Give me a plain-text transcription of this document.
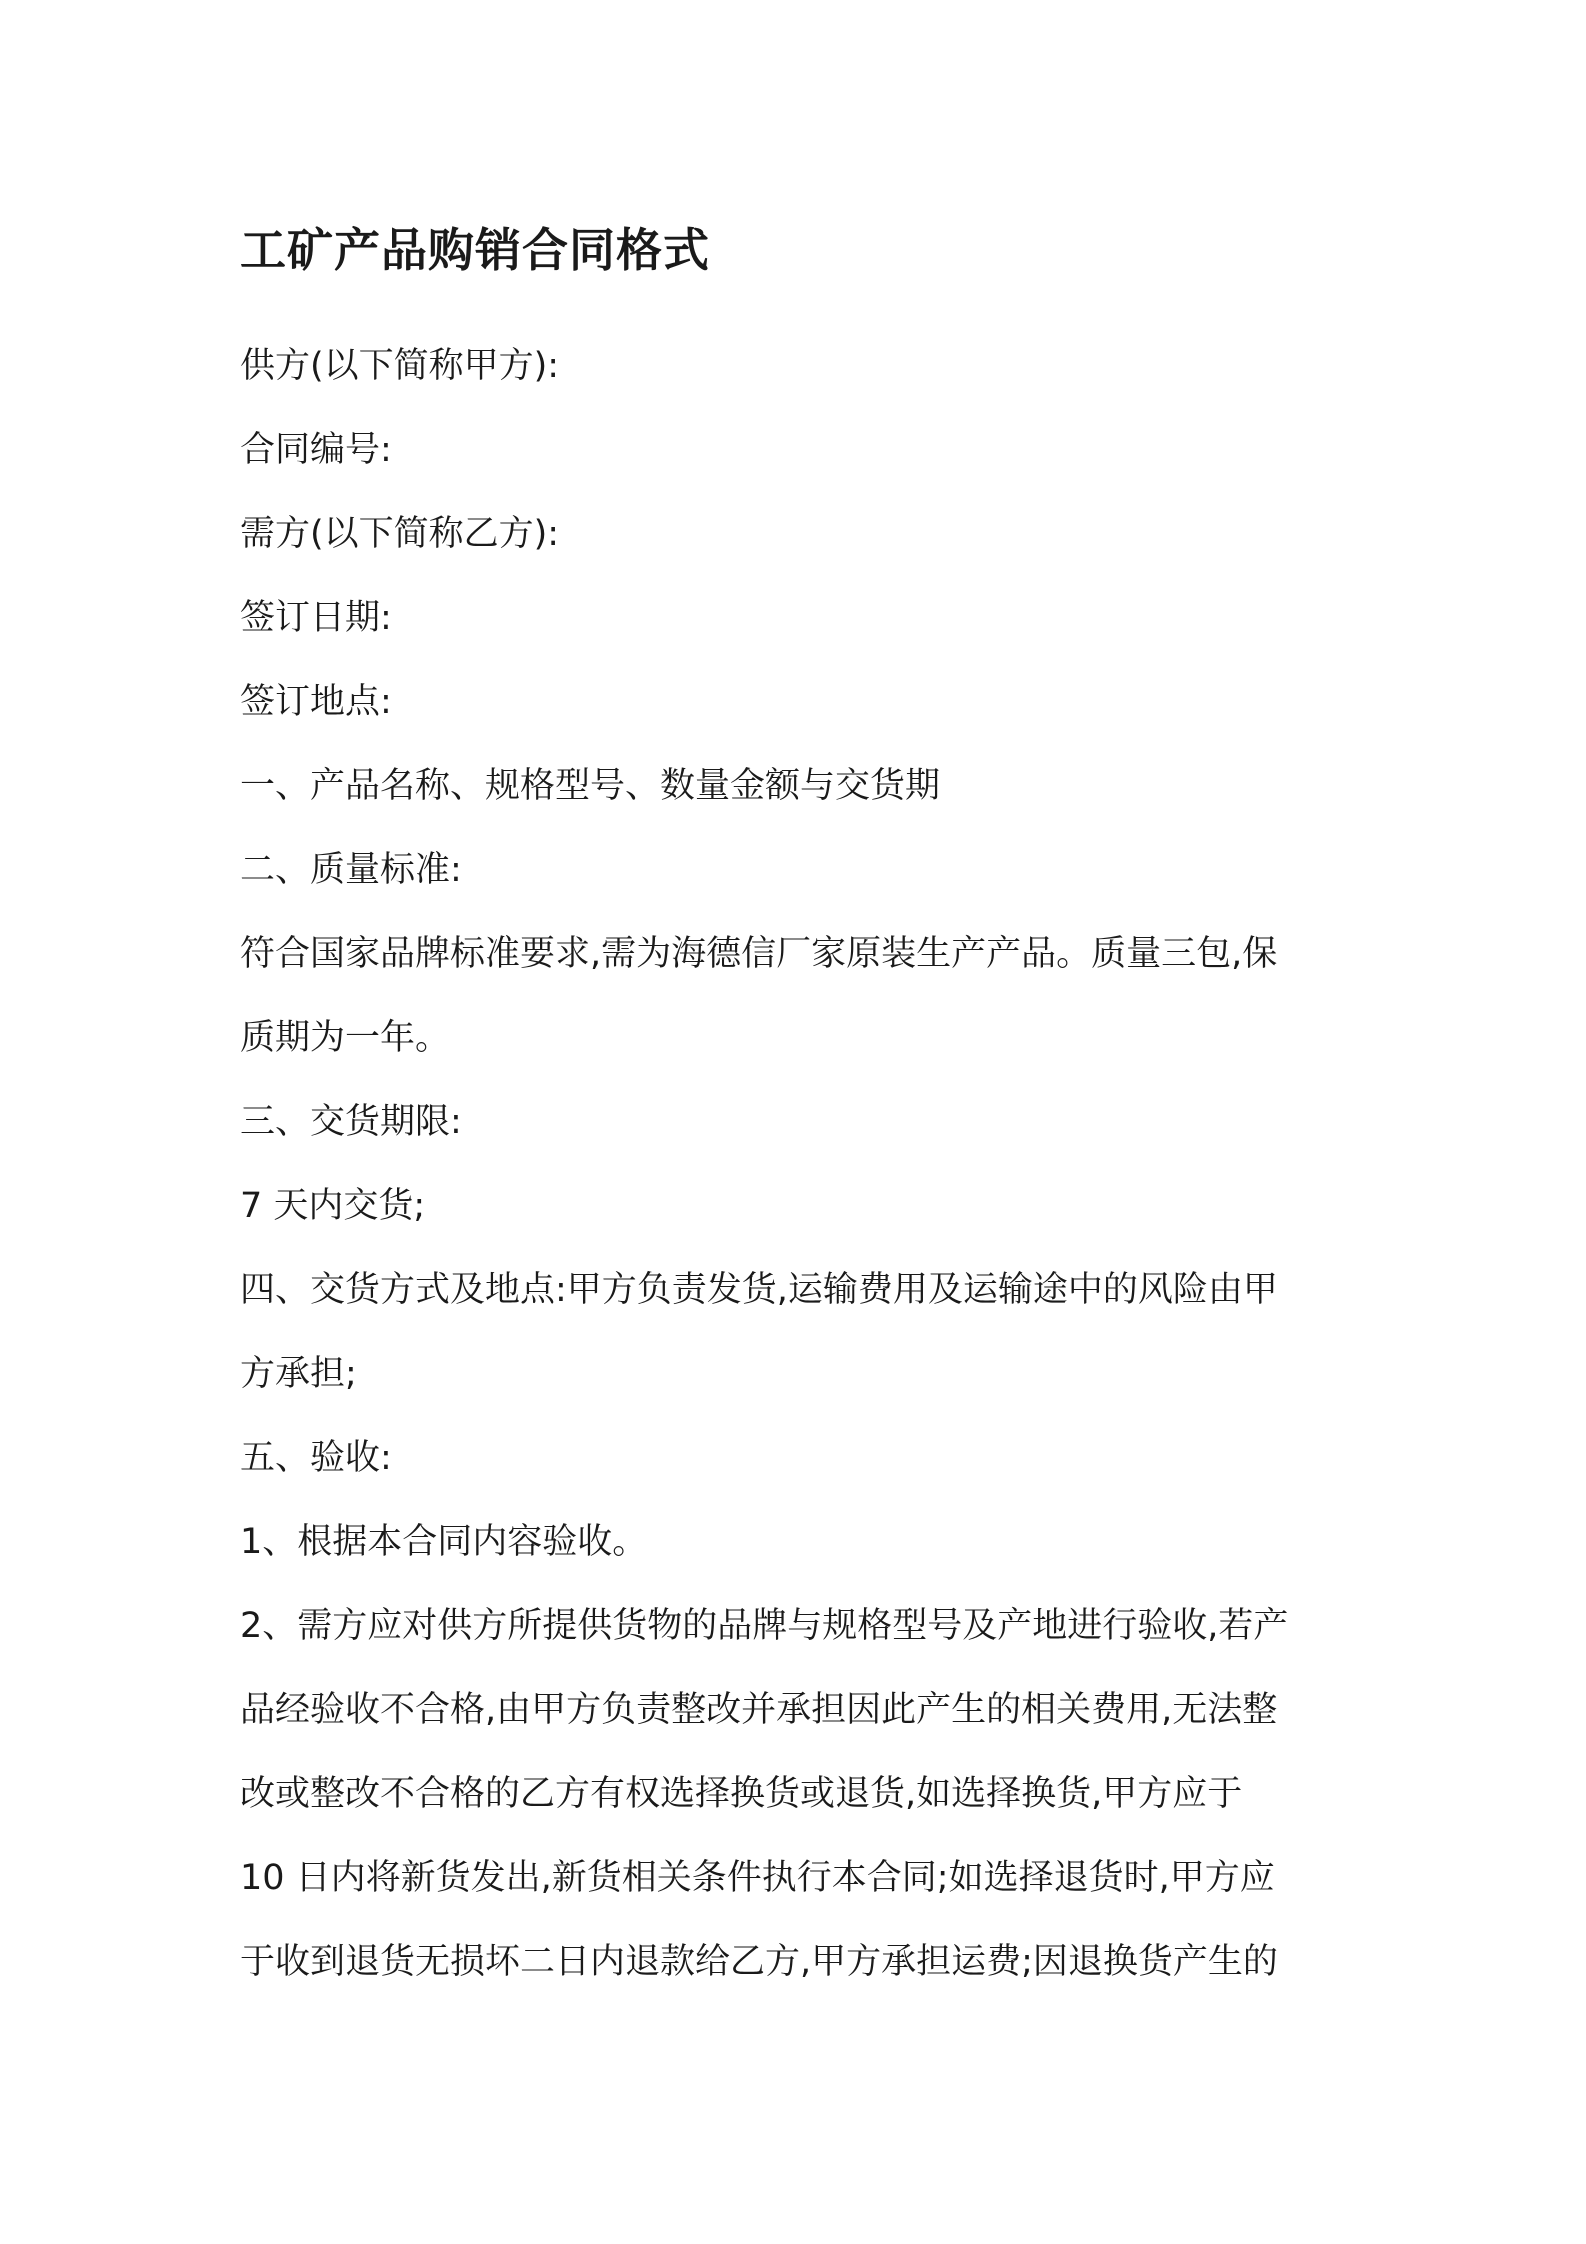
工矿产品购销合同格式

供方(以下简称甲方):

合同编号:

需方(以下简称乙方):

签订日期:

签订地点:

一、产品名称、规格型号、数量金额与交货期

二、质量标准:

符合国家品牌标准要求,需为海德信厂家原装生产产品。质量三包,保

质期为一年。

三、交货期限:

7 天内交货;

四、交货方式及地点:甲方负责发货,运输费用及运输途中的风险由甲

方承担;

五、验收:

1、根据本合同内容验收。

2、需方应对供方所提供货物的品牌与规格型号及产地进行验收,若产

品经验收不合格,由甲方负责整改并承担因此产生的相关费用,无法整

改或整改不合格的乙方有权选择换货或退货,如选择换货,甲方应于

10 日内将新货发出,新货相关条件执行本合同;如选择退货时,甲方应

于收到退货无损坏二日内退款给乙方,甲方承担运费;因退换货产生的
